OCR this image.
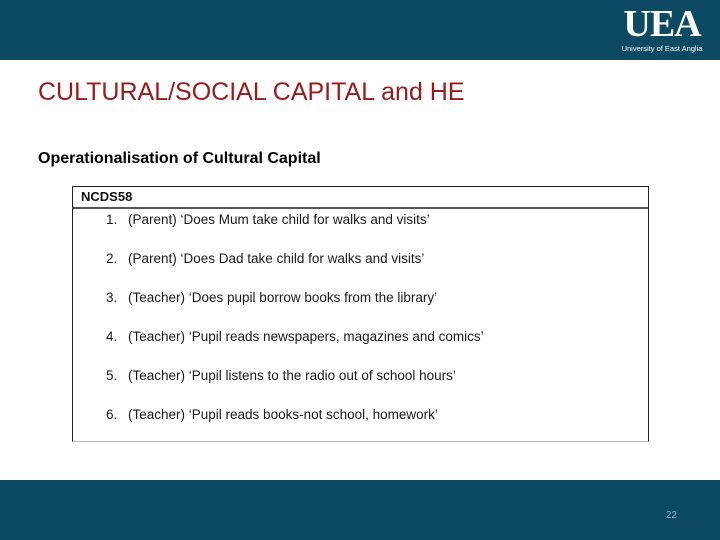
UEA
University of East Anglia
CULTURAL/SOCIAL CAPITAL and HE
Operationalisation of Cultural Capital
NCDS58
1. (Parent) ‘Does Mum take child for walks and visits’
2. (Parent) ‘Does Dad take child for walks and visits’
3. (Teacher) ‘Does pupil borrow books from the library’
4. (Teacher) ‘Pupil reads newspapers, magazines and comics’
5. (Teacher) ‘Pupil listens to the radio out of school hours’
6. (Teacher) ‘Pupil reads books-not school, homework’
22
